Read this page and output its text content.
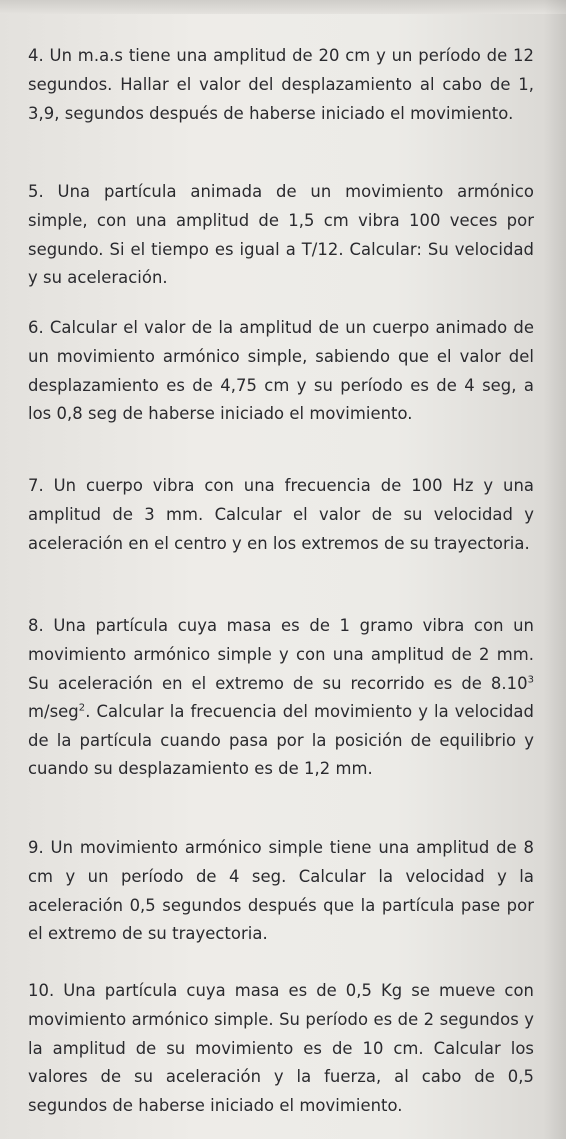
4. Un m.a.s tiene una amplitud de 20 cm y un período de 12 segundos. Hallar el valor del desplazamiento al cabo de 1, 3,9, segundos después de haberse iniciado el movimiento.

5. Una partícula animada de un movimiento armónico simple, con una amplitud de 1,5 cm vibra 100 veces por segundo. Si el tiempo es igual a T/12. Calcular: Su velocidad y su aceleración.

6. Calcular el valor de la amplitud de un cuerpo animado de un movimiento armónico simple, sabiendo que el valor del desplazamiento es de 4,75 cm y su período es de 4 seg, a los 0,8 seg de haberse iniciado el movimiento.

7. Un cuerpo vibra con una frecuencia de 100 Hz y una amplitud de 3 mm. Calcular el valor de su velocidad y aceleración en el centro y en los extremos de su trayectoria.

8. Una partícula cuya masa es de 1 gramo vibra con un movimiento armónico simple y con una amplitud de 2 mm. Su aceleración en el extremo de su recorrido es de 8.10$^3$ m/seg$^2$. Calcular la frecuencia del movimiento y la velocidad de la partícula cuando pasa por la posición de equilibrio y cuando su desplazamiento es de 1,2 mm.

9. Un movimiento armónico simple tiene una amplitud de 8 cm y un período de 4 seg. Calcular la velocidad y la aceleración 0,5 segundos después que la partícula pase por el extremo de su trayectoria.

10. Una partícula cuya masa es de 0,5 Kg se mueve con movimiento armónico simple. Su período es de 2 segundos y la amplitud de su movimiento es de 10 cm. Calcular los valores de su aceleración y la fuerza, al cabo de 0,5 segundos de haberse iniciado el movimiento.
